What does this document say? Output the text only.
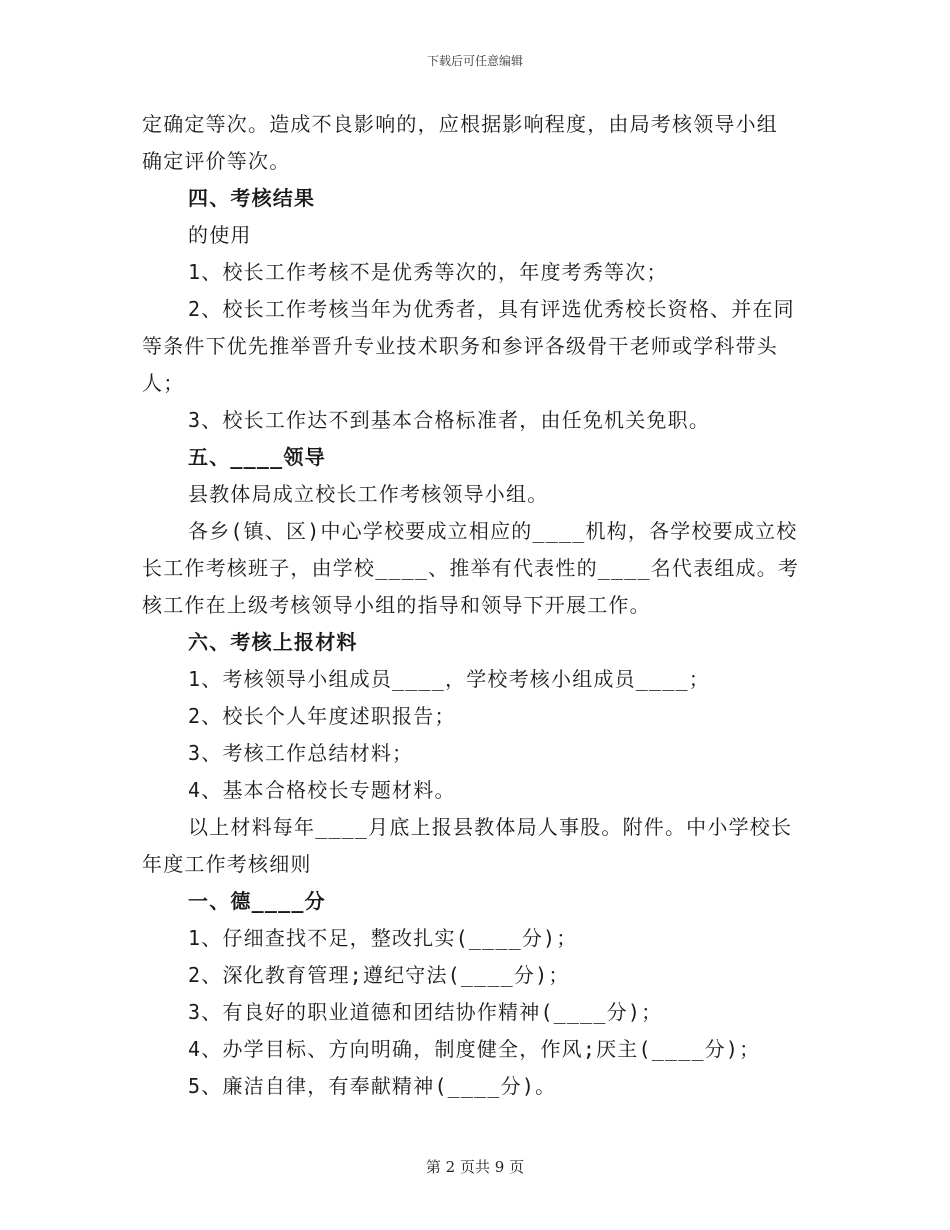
下载后可任意编辑

定确定等次。造成不良影响的，应根据影响程度，由局考核领导小组

确定评价等次。

四、考核结果

的使用

1、校长工作考核不是优秀等次的，年度考秀等次；

2、校长工作考核当年为优秀者，具有评选优秀校长资格、并在同

等条件下优先推举晋升专业技术职务和参评各级骨干老师或学科带头

人；

3、校长工作达不到基本合格标准者，由任免机关免职。

五、____领导

县教体局成立校长工作考核领导小组。

各乡(镇、区)中心学校要成立相应的____机构，各学校要成立校

长工作考核班子，由学校____、推举有代表性的____名代表组成。考

核工作在上级考核领导小组的指导和领导下开展工作。

六、考核上报材料

1、考核领导小组成员____，学校考核小组成员____；

2、校长个人年度述职报告；

3、考核工作总结材料；

4、基本合格校长专题材料。

以上材料每年____月底上报县教体局人事股。附件。中小学校长

年度工作考核细则

一、德____分

1、仔细查找不足，整改扎实(____分)；

2、深化教育管理;遵纪守法(____分)；

3、有良好的职业道德和团结协作精神(____分)；

4、办学目标、方向明确，制度健全，作风;厌主(____分)；

5、廉洁自律，有奉献精神(____分)。

第 2 页共 9 页
